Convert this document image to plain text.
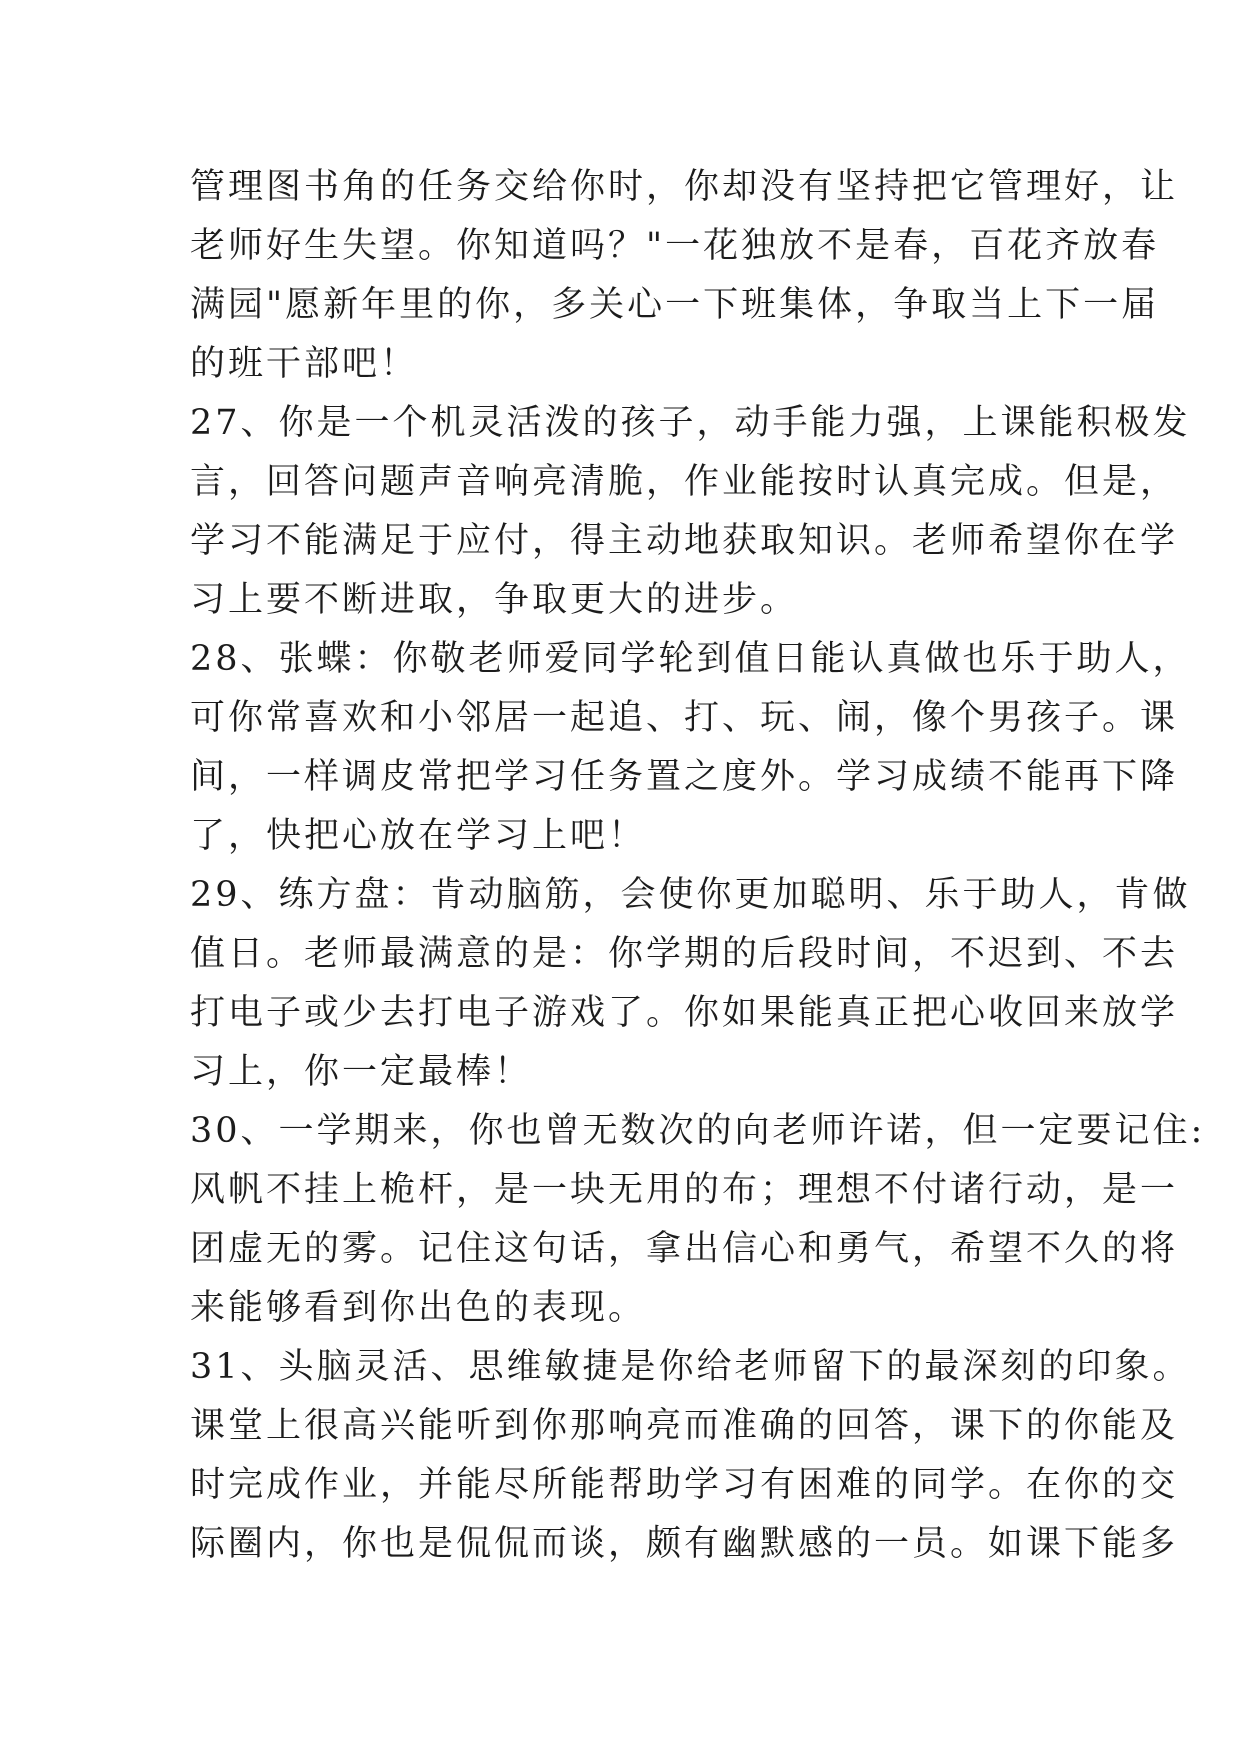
管理图书角的任务交给你时，你却没有坚持把它管理好，让
老师好生失望。你知道吗？"一花独放不是春，百花齐放春
满园"愿新年里的你，多关心一下班集体，争取当上下一届
的班干部吧！
27、你是一个机灵活泼的孩子，动手能力强，上课能积极发
言，回答问题声音响亮清脆，作业能按时认真完成。但是，
学习不能满足于应付，得主动地获取知识。老师希望你在学
习上要不断进取，争取更大的进步。
28、张蝶：你敬老师爱同学轮到值日能认真做也乐于助人，
可你常喜欢和小邻居一起追、打、玩、闹，像个男孩子。课
间，一样调皮常把学习任务置之度外。学习成绩不能再下降
了，快把心放在学习上吧！
29、练方盘：肯动脑筋，会使你更加聪明、乐于助人，肯做
值日。老师最满意的是：你学期的后段时间，不迟到、不去
打电子或少去打电子游戏了。你如果能真正把心收回来放学
习上，你一定最棒！
30、一学期来，你也曾无数次的向老师许诺，但一定要记住:
风帆不挂上桅杆，是一块无用的布；理想不付诸行动，是一
团虚无的雾。记住这句话，拿出信心和勇气，希望不久的将
来能够看到你出色的表现。
31、头脑灵活、思维敏捷是你给老师留下的最深刻的印象。
课堂上很高兴能听到你那响亮而准确的回答，课下的你能及
时完成作业，并能尽所能帮助学习有困难的同学。在你的交
际圈内，你也是侃侃而谈，颇有幽默感的一员。如课下能多
